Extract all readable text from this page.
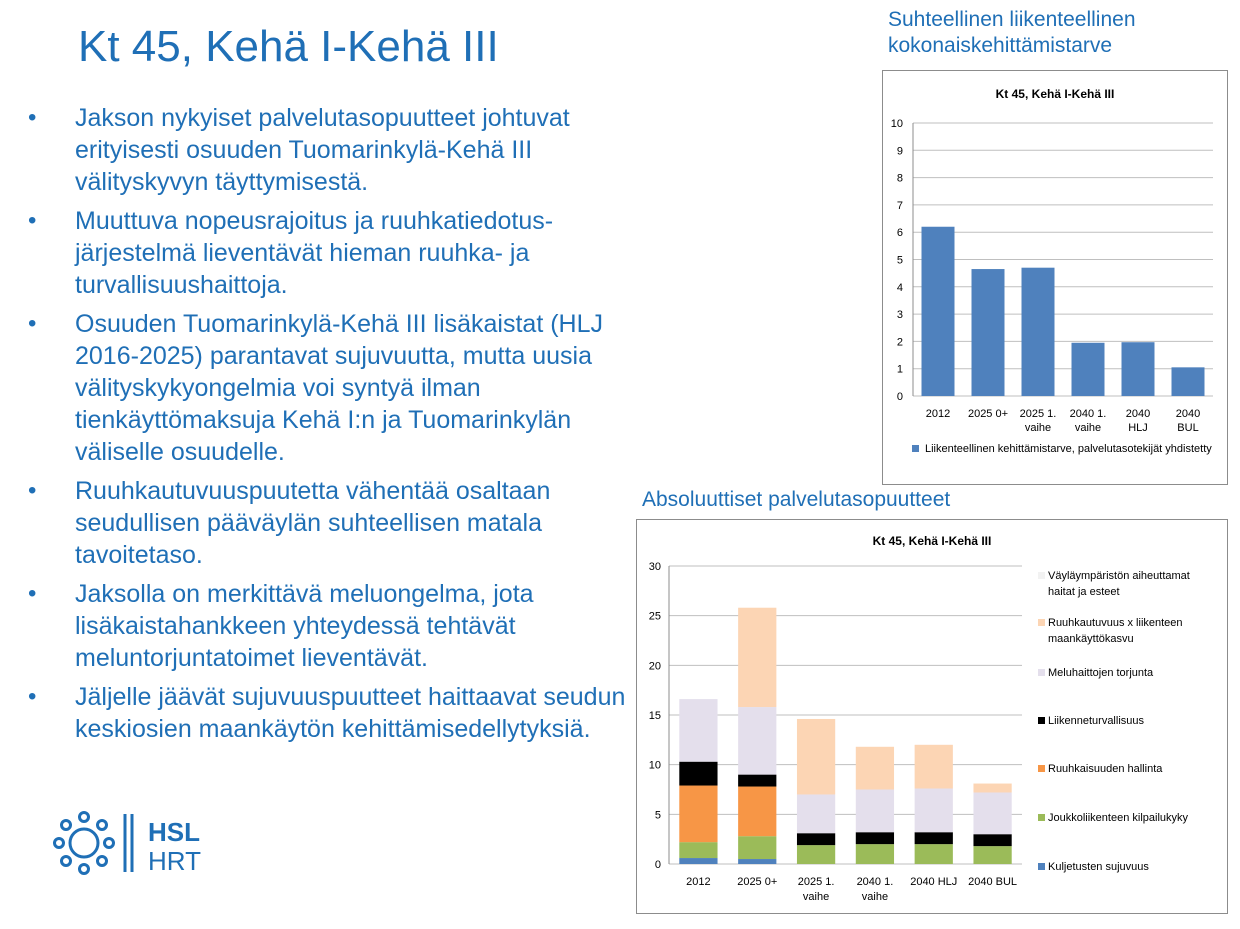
Kt 45, Kehä I-Kehä III
• Jakson nykyiset palvelutasopuutteet johtuvat erityisesti osuuden Tuomarinkylä-Kehä III välityskyvyn täyttymisestä.
• Muuttuva nopeusrajoitus ja ruuhkatiedotus-järjestelmä lieventävät hieman ruuhka- ja turvallisuushaittoja.
• Osuuden Tuomarinkylä-Kehä III lisäkaistat (HLJ 2016-2025) parantavat sujuvuutta, mutta uusia välityskykyongelmia voi syntyä ilman tienkäyttömaksuja Kehä I:n ja Tuomarinkylän väliselle osuudelle.
• Ruuhkautuvuuspuutetta vähentää osaltaan seudullisen pääväylän suhteellisen matala tavoitetaso.
• Jaksolla on merkittävä meluongelma, jota lisäkaistahankkeen yhteydessä tehtävät meluntorjuntatoimet lieventävät.
• Jäljelle jäävät sujuvuuspuutteet haittaavat seudun keskiosien maankäytön kehittämisedellytyksiä.
Suhteellinen liikenteellinen
kokonaiskehittämistarve
Kt 45, Kehä I-Kehä III
0
1
2
3
4
5
6
7
8
9
10
2012 2025 0+ 2025 1.
vaihe
2040 1.
vaihe
2040
HLJ
2040
BUL
Liikenteellinen kehittämistarve, palvelutasotekijät yhdistetty
Absoluuttiset palvelutasopuutteet
Kt 45, Kehä I-Kehä III
0
5
10
15
20
25
30
2012 2025 0+ 2025 1.
vaihe
2040 1.
vaihe
2040 HLJ 2040 BUL
Väyläympäristön aiheuttamat
haitat ja esteet
Ruuhkautuvuus x liikenteen
maankäyttökasvu
Meluhaittojen torjunta
Liikenneturvallisuus
Ruuhkaisuuden hallinta
Joukkoliikenteen kilpailukyky
Kuljetusten sujuvuus
HSL
HRT
